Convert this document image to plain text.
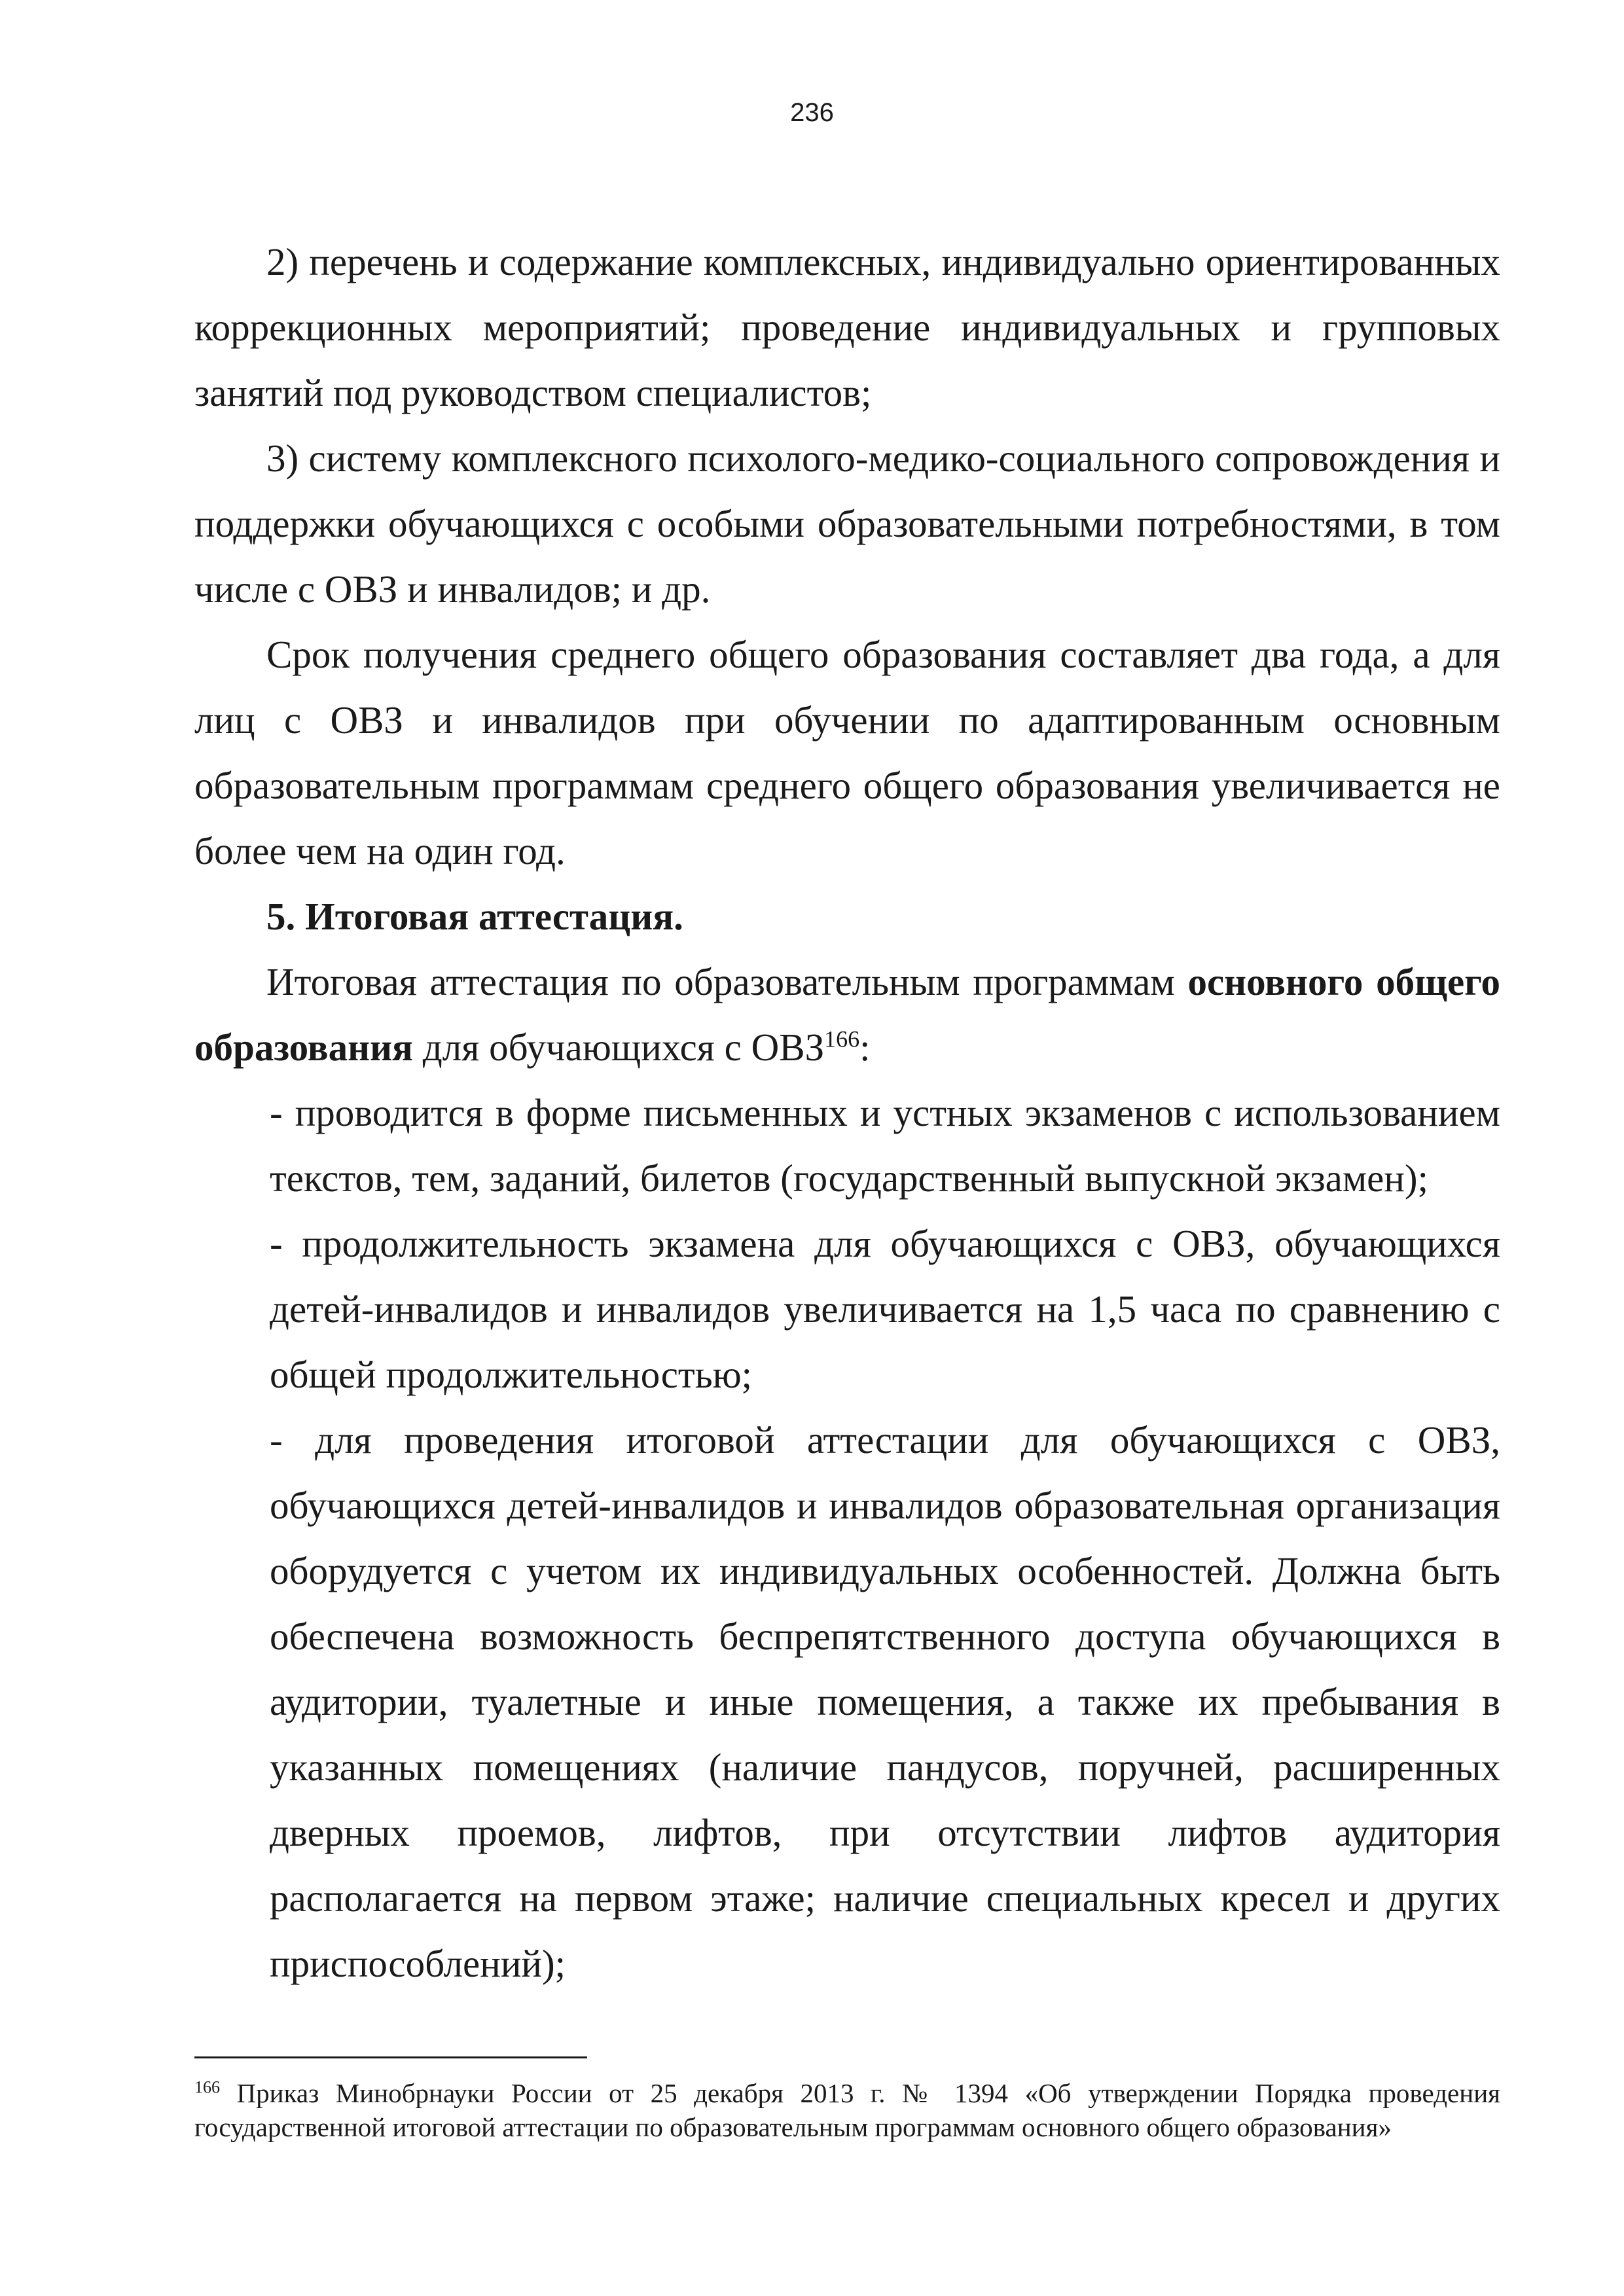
236

2) перечень и содержание комплексных, индивидуально ориентированных коррекционных мероприятий; проведение индивидуальных и групповых занятий под руководством специалистов;

3) систему комплексного психолого-медико-социального сопровождения и поддержки обучающихся с особыми образовательными потребностями, в том числе с ОВЗ и инвалидов; и др.

Срок получения среднего общего образования составляет два года, а для лиц с ОВЗ и инвалидов при обучении по адаптированным основным образовательным программам среднего общего образования увеличивается не более чем на один год.

5. Итоговая аттестация.

Итоговая аттестация по образовательным программам основного общего образования для обучающихся с ОВЗ$^{166}$:

- проводится в форме письменных и устных экзаменов с использованием текстов, тем, заданий, билетов (государственный выпускной экзамен);

- продолжительность экзамена для обучающихся с ОВЗ, обучающихся детей-инвалидов и инвалидов увеличивается на 1,5 часа по сравнению с общей продолжительностью;

- для проведения итоговой аттестации для обучающихся с ОВЗ, обучающихся детей-инвалидов и инвалидов образовательная организация оборудуется с учетом их индивидуальных особенностей. Должна быть обеспечена возможность беспрепятственного доступа обучающихся в аудитории, туалетные и иные помещения, а также их пребывания в указанных помещениях (наличие пандусов, поручней, расширенных дверных проемов, лифтов, при отсутствии лифтов аудитория располагается на первом этаже; наличие специальных кресел и других приспособлений);

$^{166}$ Приказ Минобрнауки России от 25 декабря 2013 г. № 1394 «Об утверждении Порядка проведения государственной итоговой аттестации по образовательным программам основного общего образования»
